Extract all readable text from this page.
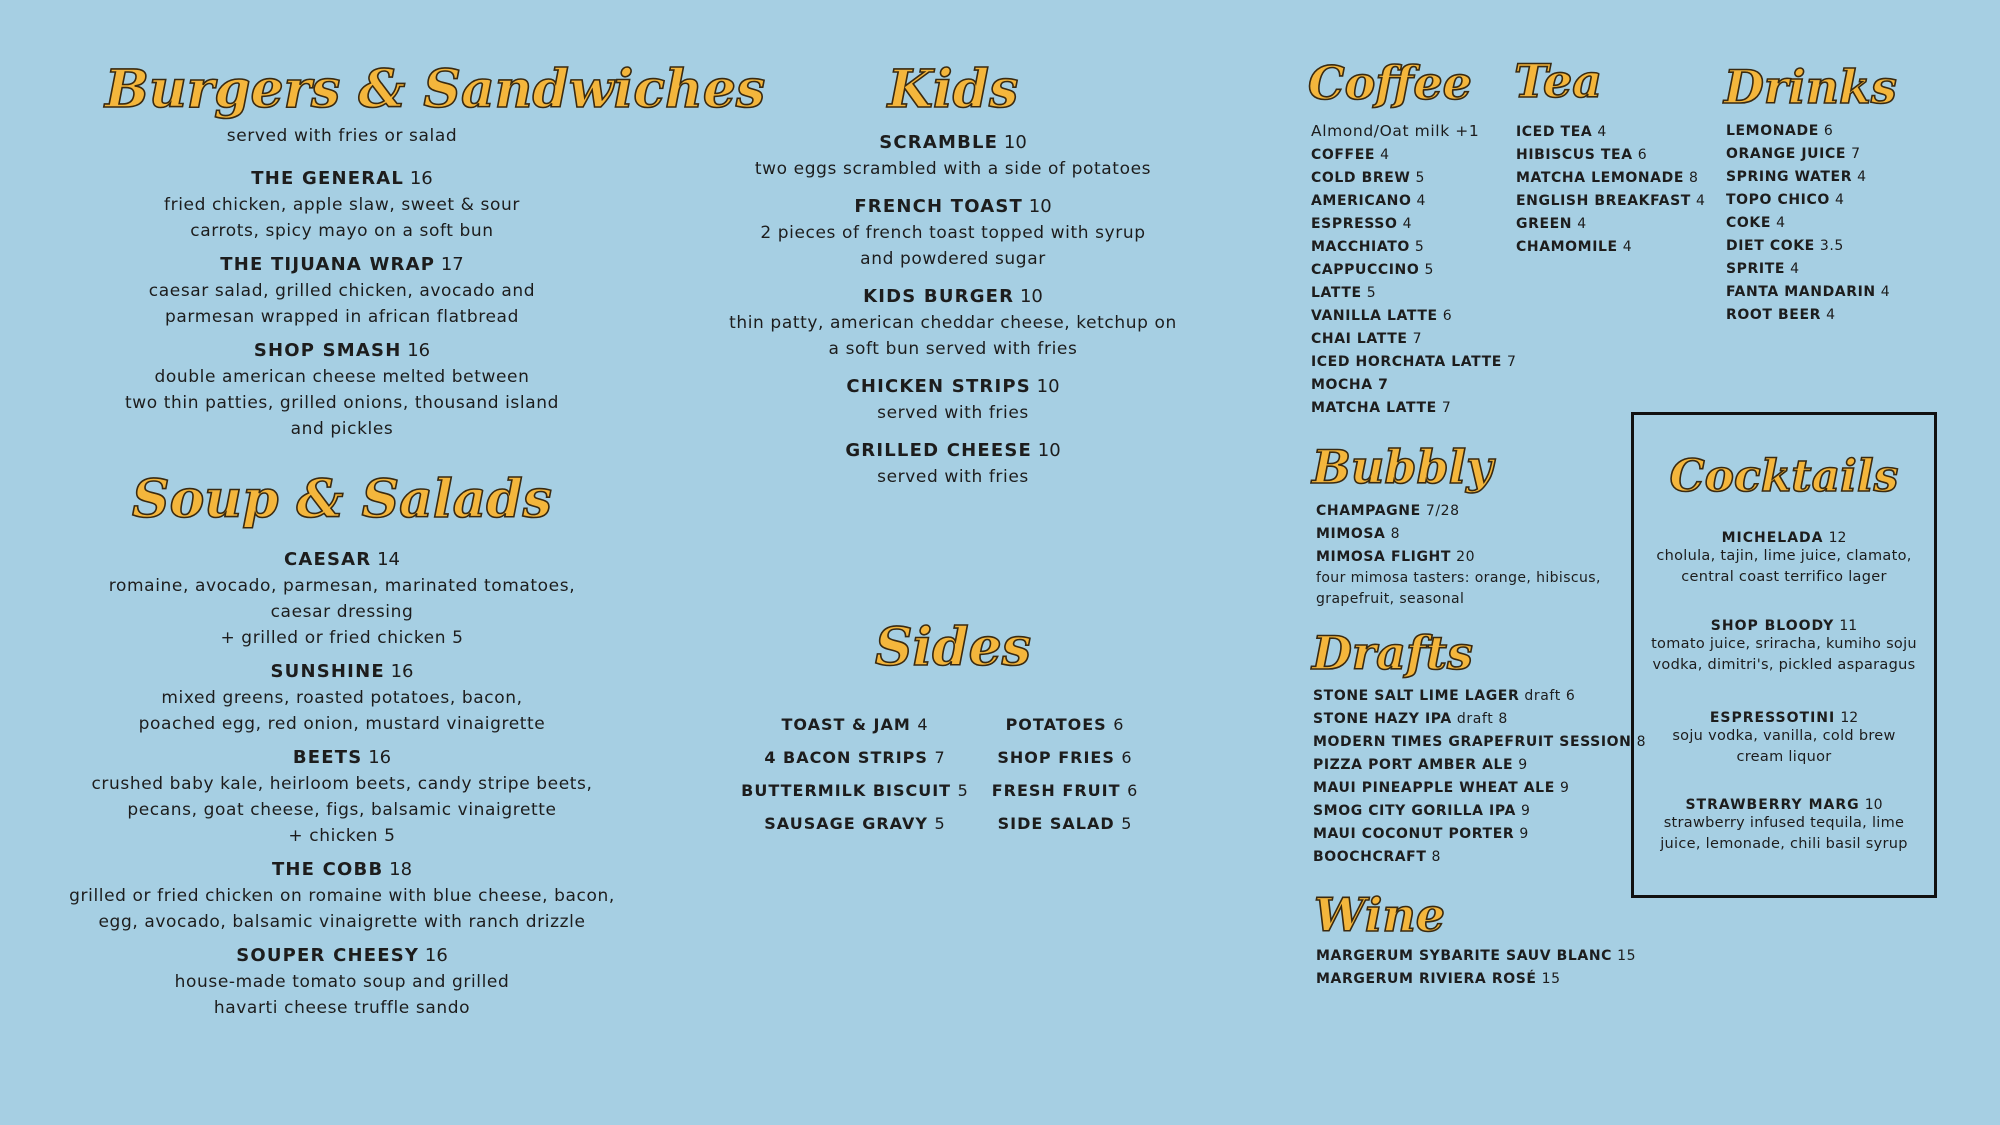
Burgers & Sandwiches
served with fries or salad
THE GENERAL 16
fried chicken, apple slaw, sweet & sour
carrots, spicy mayo on a soft bun
THE TIJUANA WRAP 17
caesar salad, grilled chicken, avocado and
parmesan wrapped in african flatbread
SHOP SMASH 16
double american cheese melted between
two thin patties, grilled onions, thousand island
and pickles
Soup & Salads
CAESAR 14
romaine, avocado, parmesan, marinated tomatoes,
caesar dressing
+ grilled or fried chicken 5
SUNSHINE 16
mixed greens, roasted potatoes, bacon,
poached egg, red onion, mustard vinaigrette
BEETS 16
crushed baby kale, heirloom beets, candy stripe beets,
pecans, goat cheese, figs, balsamic vinaigrette
+ chicken 5
THE COBB 18
grilled or fried chicken on romaine with blue cheese, bacon,
egg, avocado, balsamic vinaigrette with ranch drizzle
SOUPER CHEESY 16
house-made tomato soup and grilled
havarti cheese truffle sando
Kids
SCRAMBLE 10
two eggs scrambled with a side of potatoes
FRENCH TOAST 10
2 pieces of french toast topped with syrup
and powdered sugar
KIDS BURGER 10
thin patty, american cheddar cheese, ketchup on
a soft bun served with fries
CHICKEN STRIPS 10
served with fries
GRILLED CHEESE 10
served with fries
Sides
TOAST & JAM 4
4 BACON STRIPS 7
BUTTERMILK BISCUIT 5
SAUSAGE GRAVY 5
POTATOES 6
SHOP FRIES 6
FRESH FRUIT 6
SIDE SALAD 5
Coffee
Almond/Oat milk +1
COFFEE 4
COLD BREW 5
AMERICANO 4
ESPRESSO 4
MACCHIATO 5
CAPPUCCINO 5
LATTE 5
VANILLA LATTE 6
CHAI LATTE 7
ICED HORCHATA LATTE 7
MOCHA 7
MATCHA LATTE 7
Tea
ICED TEA 4
HIBISCUS TEA 6
MATCHA LEMONADE 8
ENGLISH BREAKFAST 4
GREEN 4
CHAMOMILE 4
Drinks
LEMONADE 6
ORANGE JUICE 7
SPRING WATER 4
TOPO CHICO 4
COKE 4
DIET COKE 3.5
SPRITE 4
FANTA MANDARIN 4
ROOT BEER 4
Bubbly
CHAMPAGNE 7/28
MIMOSA 8
MIMOSA FLIGHT 20
four mimosa tasters: orange, hibiscus,
grapefruit, seasonal
Drafts
STONE SALT LIME LAGER draft 6
STONE HAZY IPA draft 8
MODERN TIMES GRAPEFRUIT SESSION 8
PIZZA PORT AMBER ALE 9
MAUI PINEAPPLE WHEAT ALE 9
SMOG CITY GORILLA IPA 9
MAUI COCONUT PORTER 9
BOOCHCRAFT 8
Wine
MARGERUM SYBARITE SAUV BLANC 15
MARGERUM RIVIERA ROSÉ 15
Cocktails
MICHELADA 12
cholula, tajin, lime juice, clamato,
central coast terrifico lager
SHOP BLOODY 11
tomato juice, sriracha, kumiho soju
vodka, dimitri's, pickled asparagus
ESPRESSOTINI 12
soju vodka, vanilla, cold brew
cream liquor
STRAWBERRY MARG 10
strawberry infused tequila, lime
juice, lemonade, chili basil syrup
